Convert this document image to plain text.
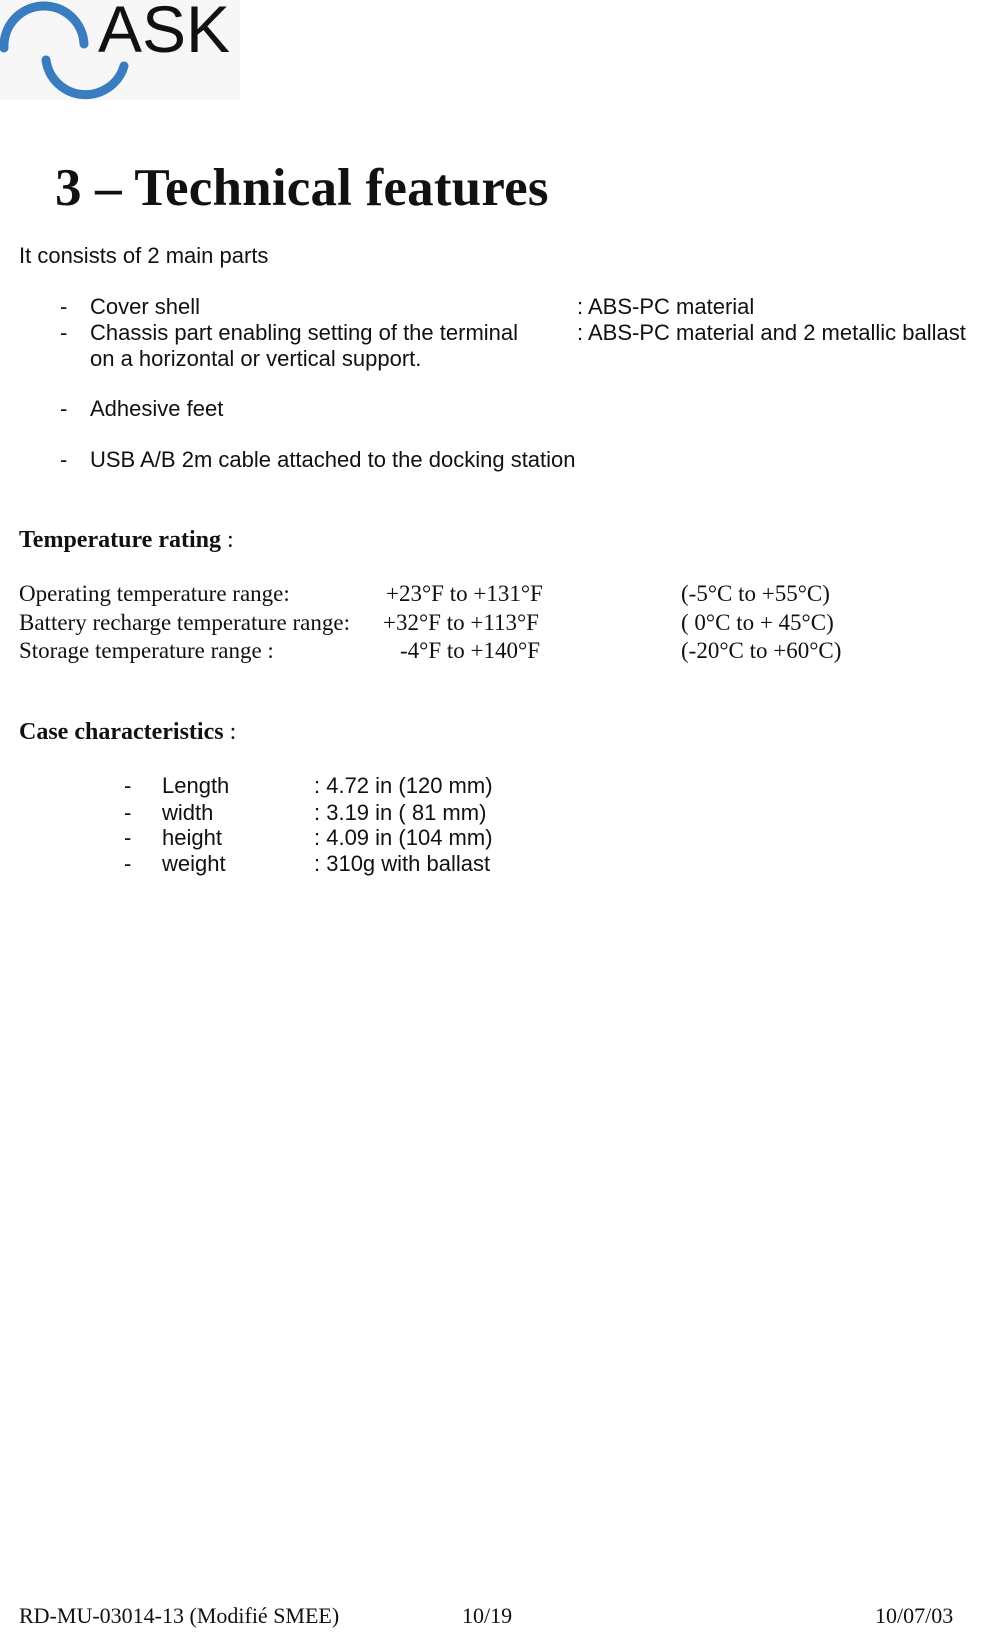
ASK
3 – Technical features
It consists of 2 main parts
- Cover shell	: ABS-PC material
- Chassis part enabling setting of the terminal	: ABS-PC material and 2 metallic ballast
on a horizontal or vertical support.
- Adhesive feet
- USB A/B 2m cable attached to the docking station
Temperature rating :
Operating temperature range:	+23°F to +131°F	(-5°C to +55°C)
Battery recharge temperature range: +32°F to +113°F	( 0°C to + 45°C)
Storage temperature range :	-4°F to +140°F	(-20°C to +60°C)
Case characteristics :
- Length	: 4.72 in (120 mm)
- width	: 3.19 in ( 81 mm)
- height	: 4.09 in (104 mm)
- weight	: 310g with ballast
RD-MU-03014-13 (Modifié SMEE)	10/19	10/07/03
